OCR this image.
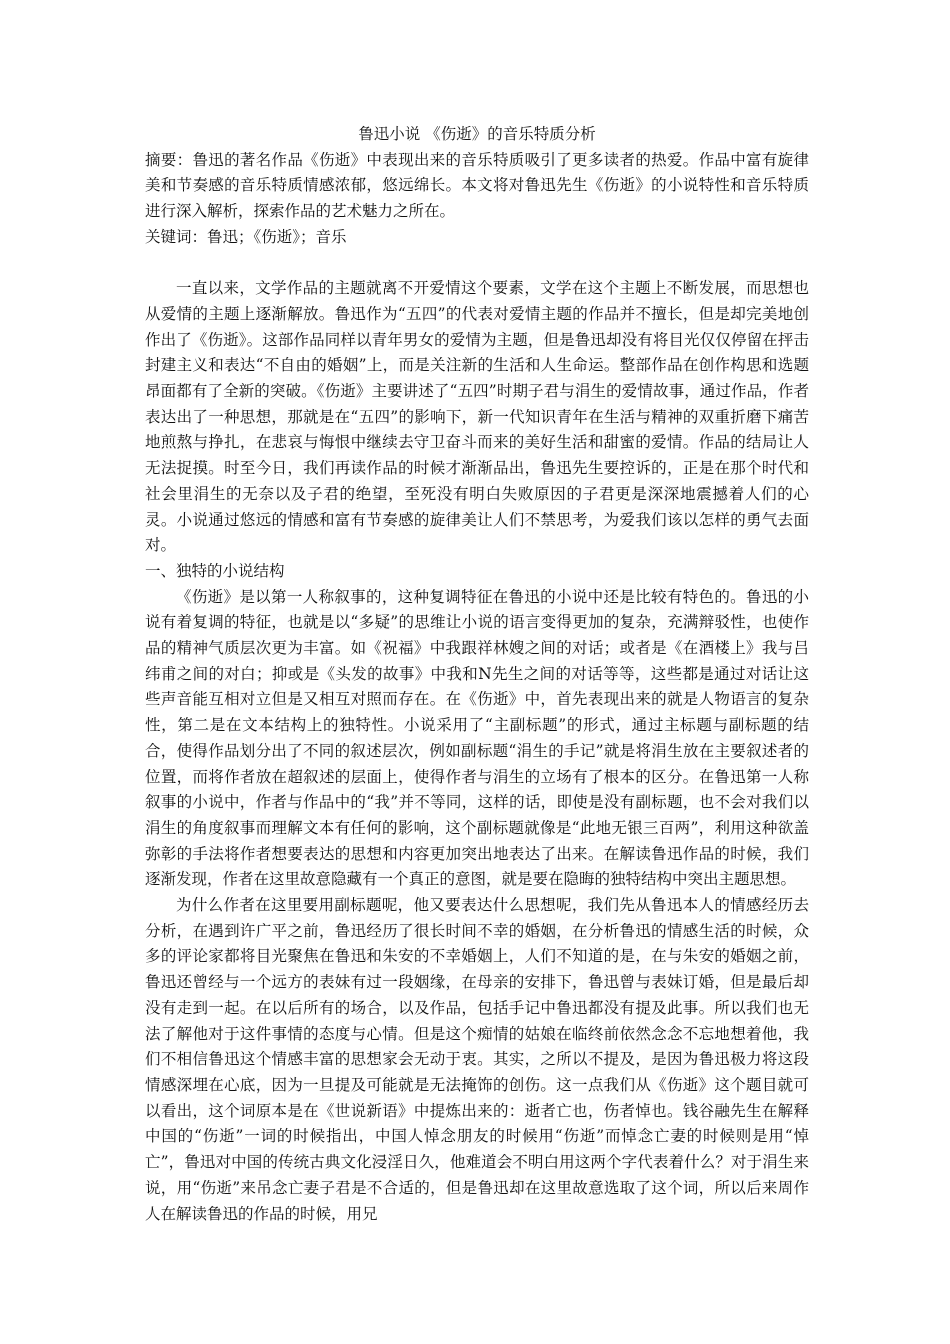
鲁迅小说 《伤逝》的音乐特质分析

摘要：鲁迅的著名作品《伤逝》中表现出来的音乐特质吸引了更多读者的热爱。作品中富有旋律美和节奏感的音乐特质情感浓郁，悠远绵长。本文将对鲁迅先生《伤逝》的小说特性和音乐特质进行深入解析，探索作品的艺术魅力之所在。

关键词：鲁迅；《伤逝》；音乐

一直以来，文学作品的主题就离不开爱情这个要素，文学在这个主题上不断发展，而思想也从爱情的主题上逐渐解放。鲁迅作为“五四”的代表对爱情主题的作品并不擅长，但是却完美地创作出了《伤逝》。这部作品同样以青年男女的爱情为主题，但是鲁迅却没有将目光仅仅停留在抨击封建主义和表达“不自由的婚姻”上，而是关注新的生活和人生命运。整部作品在创作构思和选题昂面都有了全新的突破。《伤逝》主要讲述了“五四”时期子君与涓生的爱情故事，通过作品，作者表达出了一种思想，那就是在“五四”的影响下，新一代知识青年在生活与精神的双重折磨下痛苦地煎熬与挣扎，在悲哀与悔恨中继续去守卫奋斗而来的美好生活和甜蜜的爱情。作品的结局让人无法捉摸。时至今日，我们再读作品的时候才渐渐品出，鲁迅先生要控诉的，正是在那个时代和社会里涓生的无奈以及子君的绝望，至死没有明白失败原因的子君更是深深地震撼着人们的心灵。小说通过悠远的情感和富有节奏感的旋律美让人们不禁思考，为爱我们该以怎样的勇气去面对。

一、独特的小说结构

《伤逝》是以第一人称叙事的，这种复调特征在鲁迅的小说中还是比较有特色的。鲁迅的小说有着复调的特征，也就是以“多疑”的思维让小说的语言变得更加的复杂，充满辩驳性，也使作品的精神气质层次更为丰富。如《祝福》中我跟祥林嫂之间的对话；或者是《在酒楼上》我与吕纬甫之间的对白；抑或是《头发的故事》中我和N先生之间的对话等等，这些都是通过对话让这些声音能互相对立但是又相互对照而存在。在《伤逝》中，首先表现出来的就是人物语言的复杂性，第二是在文本结构上的独特性。小说采用了“主副标题”的形式，通过主标题与副标题的结合，使得作品划分出了不同的叙述层次，例如副标题“涓生的手记”就是将涓生放在主要叙述者的位置，而将作者放在超叙述的层面上，使得作者与涓生的立场有了根本的区分。在鲁迅第一人称叙事的小说中，作者与作品中的“我”并不等同，这样的话，即使是没有副标题，也不会对我们以涓生的角度叙事而理解文本有任何的影响，这个副标题就像是“此地无银三百两”，利用这种欲盖弥彰的手法将作者想要表达的思想和内容更加突出地表达了出来。在解读鲁迅作品的时候，我们逐渐发现，作者在这里故意隐藏有一个真正的意图，就是要在隐晦的独特结构中突出主题思想。

为什么作者在这里要用副标题呢，他又要表达什么思想呢，我们先从鲁迅本人的情感经历去分析，在遇到许广平之前，鲁迅经历了很长时间不幸的婚姻，在分析鲁迅的情感生活的时候，众多的评论家都将目光聚焦在鲁迅和朱安的不幸婚姻上，人们不知道的是，在与朱安的婚姻之前，鲁迅还曾经与一个远方的表妹有过一段姻缘，在母亲的安排下，鲁迅曾与表妹订婚，但是最后却没有走到一起。在以后所有的场合，以及作品，包括手记中鲁迅都没有提及此事。所以我们也无法了解他对于这件事情的态度与心情。但是这个痴情的姑娘在临终前依然念念不忘地想着他，我们不相信鲁迅这个情感丰富的思想家会无动于衷。其实，之所以不提及，是因为鲁迅极力将这段情感深埋在心底，因为一旦提及可能就是无法掩饰的创伤。这一点我们从《伤逝》这个题目就可以看出，这个词原本是在《世说新语》中提炼出来的：逝者亡也，伤者悼也。钱谷融先生在解释中国的“伤逝”一词的时候指出，中国人悼念朋友的时候用“伤逝”而悼念亡妻的时候则是用“悼亡”，鲁迅对中国的传统古典文化浸淫日久，他难道会不明白用这两个字代表着什么？对于涓生来说，用“伤逝”来吊念亡妻子君是不合适的，但是鲁迅却在这里故意选取了这个词，所以后来周作人在解读鲁迅的作品的时候，用兄
